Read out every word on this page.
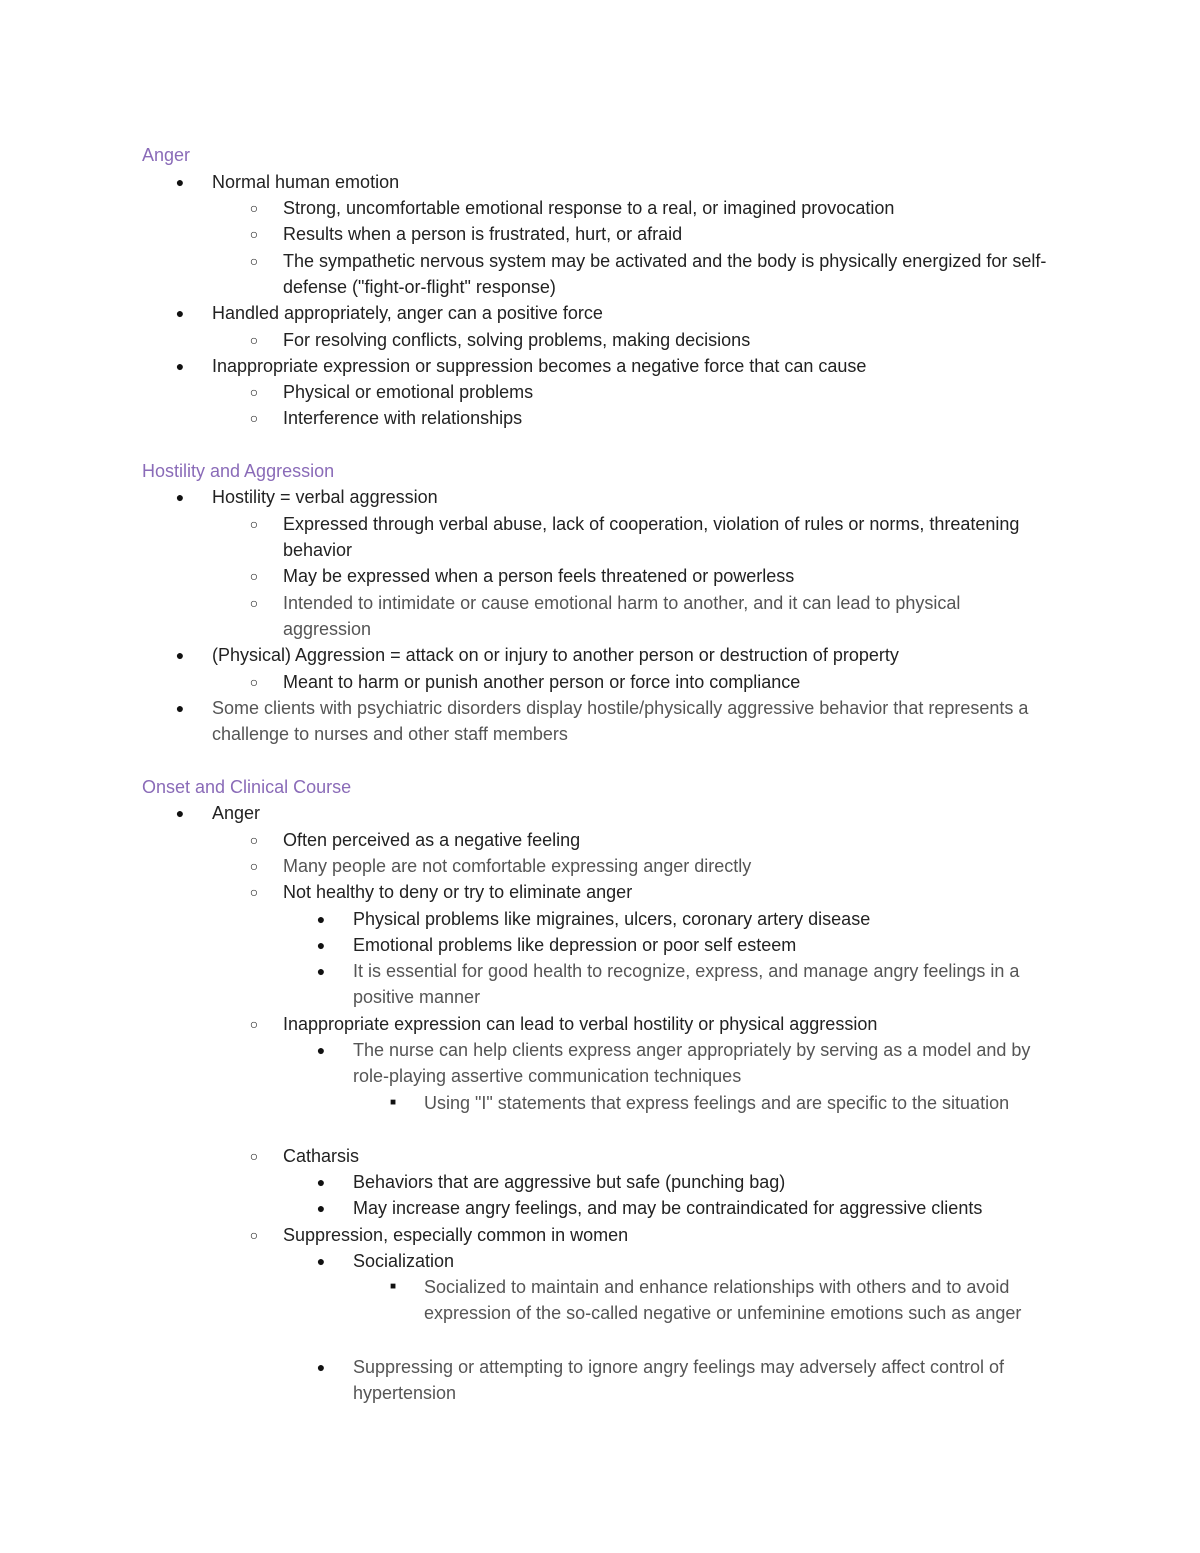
Anger
● Normal human emotion
○ Strong, uncomfortable emotional response to a real, or imagined provocation
○ Results when a person is frustrated, hurt, or afraid
○ The sympathetic nervous system may be activated and the body is physically energized for self-defense ("fight-or-flight" response)
● Handled appropriately, anger can a positive force
○ For resolving conflicts, solving problems, making decisions
● Inappropriate expression or suppression becomes a negative force that can cause
○ Physical or emotional problems
○ Interference with relationships
Hostility and Aggression
● Hostility = verbal aggression
○ Expressed through verbal abuse, lack of cooperation, violation of rules or norms, threatening behavior
○ May be expressed when a person feels threatened or powerless
○ Intended to intimidate or cause emotional harm to another, and it can lead to physical aggression
● (Physical) Aggression = attack on or injury to another person or destruction of property
○ Meant to harm or punish another person or force into compliance
● Some clients with psychiatric disorders display hostile/physically aggressive behavior that represents a challenge to nurses and other staff members
Onset and Clinical Course
● Anger
○ Often perceived as a negative feeling
○ Many people are not comfortable expressing anger directly
○ Not healthy to deny or try to eliminate anger
● Physical problems like migraines, ulcers, coronary artery disease
● Emotional problems like depression or poor self esteem
● It is essential for good health to recognize, express, and manage angry feelings in a positive manner
○ Inappropriate expression can lead to verbal hostility or physical aggression
● The nurse can help clients express anger appropriately by serving as a model and by role-playing assertive communication techniques
■ Using "I" statements that express feelings and are specific to the situation
○ Catharsis
● Behaviors that are aggressive but safe (punching bag)
● May increase angry feelings, and may be contraindicated for aggressive clients
○ Suppression, especially common in women
● Socialization
■ Socialized to maintain and enhance relationships with others and to avoid expression of the so-called negative or unfeminine emotions such as anger
● Suppressing or attempting to ignore angry feelings may adversely affect control of hypertension
